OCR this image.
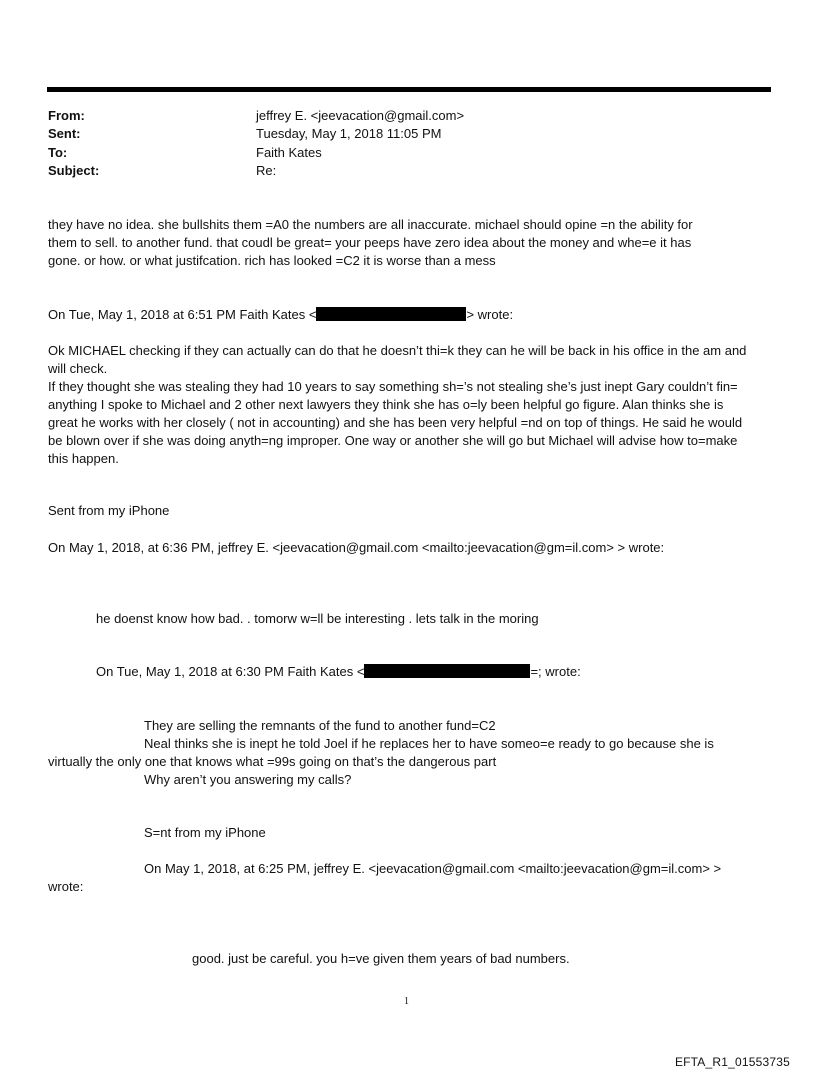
From:	jeffrey E. <jeevacation@gmail.com>
Sent:	Tuesday, May 1, 2018 11:05 PM
To:	Faith Kates
Subject:	Re:
they have no idea. she bullshits them =A0 the numbers are all inaccurate. michael should opine =n the ability for
them to sell. to another fund. that coudl be great= your peeps have zero idea about the money and whe=e it has
gone. or how. or what justifcation. rich has looked =C2 it is worse than a mess
On Tue, May 1, 2018 at 6:51 PM Faith Kates <	> wrote:
Ok MICHAEL checking if they can actually can do that he doesn’t thi=k they can he will be back in his office in the am and
will check.
If they thought she was stealing they had 10 years to say something sh=’s not stealing she’s just inept Gary couldn’t fin=
anything I spoke to Michael and 2 other next lawyers they think she has o=ly been helpful go figure. Alan thinks she is
great he works with her closely ( not in accounting) and she has been very helpful =nd on top of things. He said he would
be blown over if she was doing anyth=ng improper. One way or another she will go but Michael will advise how to=make
this happen.
Sent from my iPhone
On May 1, 2018, at 6:36 PM, jeffrey E. <jeevacation@gmail.com <mailto:jeevacation@gm=il.com> > wrote:
he doenst know how bad. . tomorw w=ll be interesting . lets talk in the moring
On Tue, May 1, 2018 at 6:30 PM Faith Kates <	=; wrote:
They are selling the remnants of the fund to another fund=C2
Neal thinks she is inept he told Joel if he replaces her to have someo=e ready to go because she is
virtually the only one that knows what =99s going on that’s the dangerous part
Why aren’t you answering my calls?
S=nt from my iPhone
On May 1, 2018, at 6:25 PM, jeffrey E. <jeevacation@gmail.com <mailto:jeevacation@gm=il.com> >
wrote:
good. just be careful. you h=ve given them years of bad numbers.
1
EFTA_R1_01553735
